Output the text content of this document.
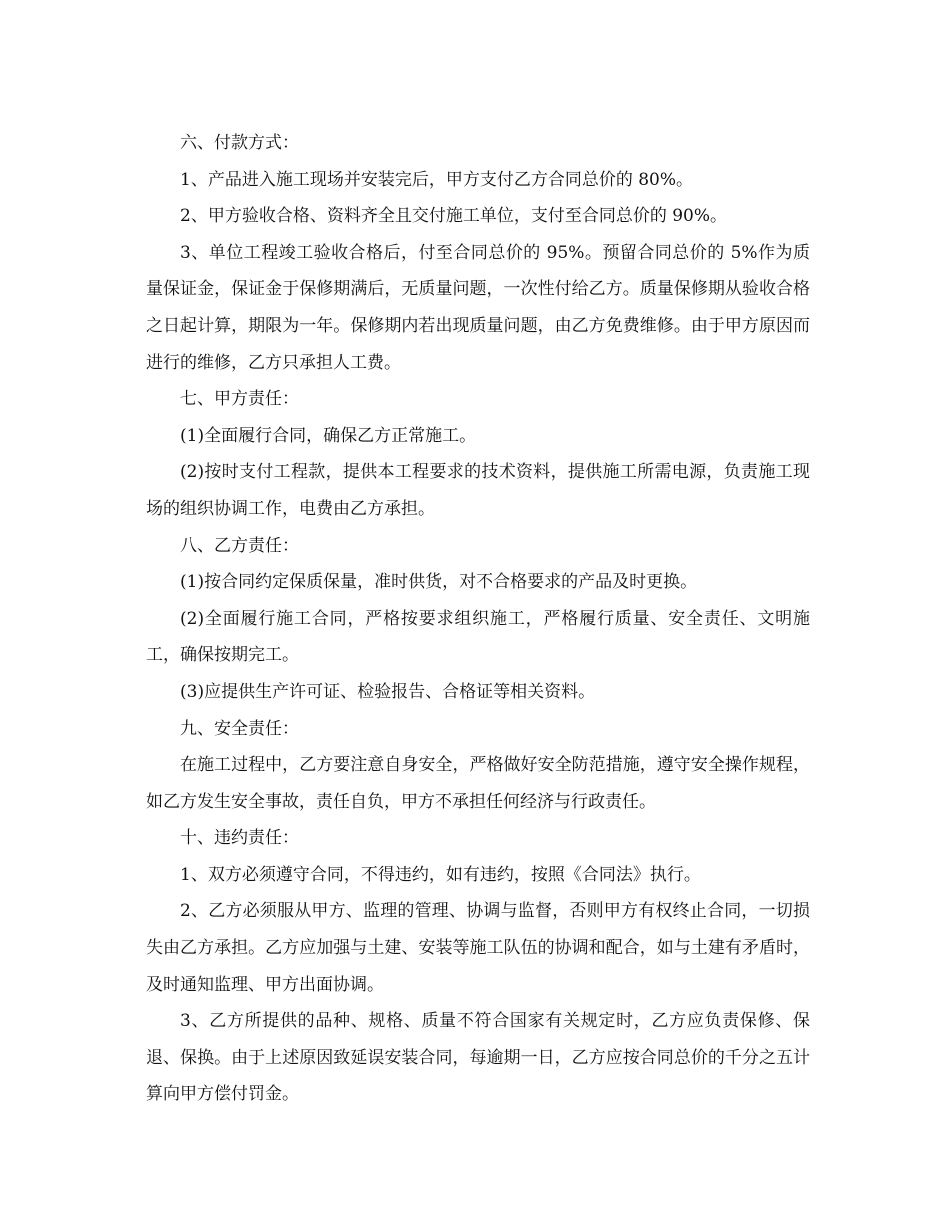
六、付款方式：

1、产品进入施工现场并安装完后，甲方支付乙方合同总价的 80%。

2、甲方验收合格、资料齐全且交付施工单位，支付至合同总价的 90%。

3、单位工程竣工验收合格后，付至合同总价的 95%。预留合同总价的 5%作为质量保证金，保证金于保修期满后，无质量问题，一次性付给乙方。质量保修期从验收合格之日起计算，期限为一年。保修期内若出现质量问题，由乙方免费维修。由于甲方原因而进行的维修，乙方只承担人工费。

七、甲方责任：

(1)全面履行合同，确保乙方正常施工。

(2)按时支付工程款，提供本工程要求的技术资料，提供施工所需电源，负责施工现场的组织协调工作，电费由乙方承担。

八、乙方责任：

(1)按合同约定保质保量，准时供货，对不合格要求的产品及时更换。

(2)全面履行施工合同，严格按要求组织施工，严格履行质量、安全责任、文明施工，确保按期完工。

(3)应提供生产许可证、检验报告、合格证等相关资料。

九、安全责任：

在施工过程中，乙方要注意自身安全，严格做好安全防范措施，遵守安全操作规程，如乙方发生安全事故，责任自负，甲方不承担任何经济与行政责任。

十、违约责任：

1、双方必须遵守合同，不得违约，如有违约，按照《合同法》执行。

2、乙方必须服从甲方、监理的管理、协调与监督，否则甲方有权终止合同，一切损失由乙方承担。乙方应加强与土建、安装等施工队伍的协调和配合，如与土建有矛盾时，及时通知监理、甲方出面协调。

3、乙方所提供的品种、规格、质量不符合国家有关规定时，乙方应负责保修、保退、保换。由于上述原因致延误安装合同，每逾期一日，乙方应按合同总价的千分之五计算向甲方偿付罚金。
